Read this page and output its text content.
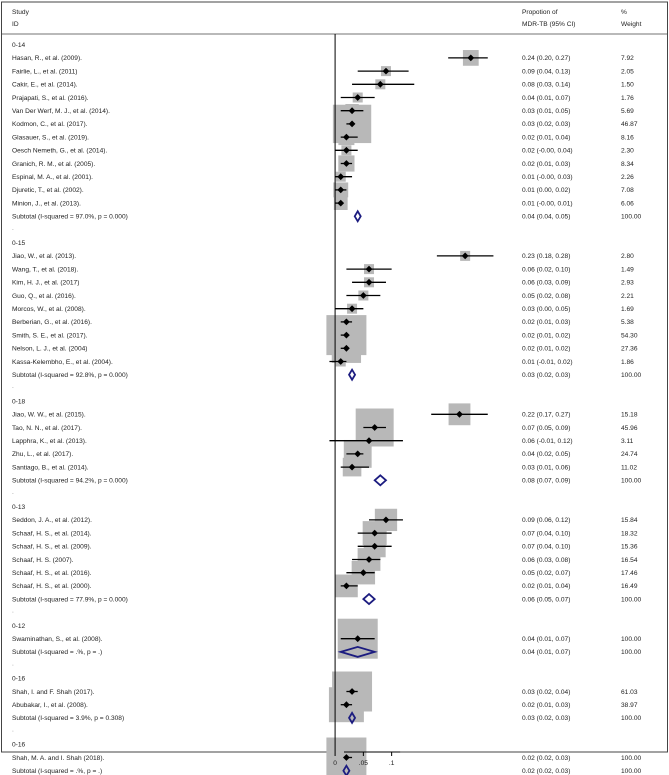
Study
ID
Propotion of
MDR-TB (95% CI)
%
Weight
0-14
Hasan, R., et al. (2009).	0.24 (0.20, 0.27)	7.92
Fairlie, L., et al. (2011)	0.09 (0.04, 0.13)	2.05
Cakir, E., et al. (2014).	0.08 (0.03, 0.14)	1.50
Prajapati, S., et al. (2016).	0.04 (0.01, 0.07)	1.76
Van Der Werf, M. J., et al. (2014).	0.03 (0.01, 0.05)	5.69
Kodmon, C., et al. (2017).	0.03 (0.02, 0.03)	46.87
Glasauer, S., et al. (2019).	0.02 (0.01, 0.04)	8.16
Oesch Nemeth, G., et al. (2014).	0.02 (-0.00, 0.04)	2.30
Granich, R. M., et al. (2005).	0.02 (0.01, 0.03)	8.34
Espinal, M. A., et al. (2001).	0.01 (-0.00, 0.03)	2.26
Djuretic, T., et al. (2002).	0.01 (0.00, 0.02)	7.08
Minion, J., et al. (2013).	0.01 (-0.00, 0.01)	6.06
Subtotal (I-squared = 97.0%, p = 0.000)	0.04 (0.04, 0.05)	100.00
.
0-15
Jiao, W., et al. (2013).	0.23 (0.18, 0.28)	2.80
Wang, T., et al. (2018).	0.06 (0.02, 0.10)	1.49
Kim, H. J., et al. (2017)	0.06 (0.03, 0.09)	2.93
Guo, Q., et al. (2016).	0.05 (0.02, 0.08)	2.21
Morcos, W., et al. (2008).	0.03 (0.00, 0.05)	1.69
Berberian, G., et al. (2016).	0.02 (0.01, 0.03)	5.38
Smith, S. E., et al. (2017).	0.02 (0.01, 0.02)	54.30
Nelson, L. J., et al. (2004)	0.02 (0.01, 0.02)	27.36
Kassa-Kelembho, E., et al. (2004).	0.01 (-0.01, 0.02)	1.86
Subtotal (I-squared = 92.8%, p = 0.000)	0.03 (0.02, 0.03)	100.00
.
0-18
Jiao, W. W., et al. (2015).	0.22 (0.17, 0.27)	15.18
Tao, N. N., et al. (2017).	0.07 (0.05, 0.09)	45.96
Lapphra, K., et al. (2013).	0.06 (-0.01, 0.12)	3.11
Zhu, L., et al. (2017).	0.04 (0.02, 0.05)	24.74
Santiago, B., et al. (2014).	0.03 (0.01, 0.06)	11.02
Subtotal (I-squared = 94.2%, p = 0.000)	0.08 (0.07, 0.09)	100.00
.
0-13
Seddon, J. A., et al. (2012).	0.09 (0.06, 0.12)	15.84
Schaaf, H. S., et al. (2014).	0.07 (0.04, 0.10)	18.32
Schaaf, H. S., et al. (2009).	0.07 (0.04, 0.10)	15.36
Schaaf, H. S. (2007).	0.06 (0.03, 0.08)	16.54
Schaaf, H. S., et al. (2016).	0.05 (0.02, 0.07)	17.46
Schaaf, H. S., et al. (2000).	0.02 (0.01, 0.04)	16.49
Subtotal (I-squared = 77.9%, p = 0.000)	0.06 (0.05, 0.07)	100.00
.
0-12
Swaminathan, S., et al. (2008).	0.04 (0.01, 0.07)	100.00
Subtotal (I-squared = .%, p = .)	0.04 (0.01, 0.07)	100.00
.
0-16
Shah, I. and F. Shah (2017).	0.03 (0.02, 0.04)	61.03
Abubakar, I., et al. (2008).	0.02 (0.01, 0.03)	38.97
Subtotal (I-squared = 3.9%, p = 0.308)	0.03 (0.02, 0.03)	100.00
.
0-16
Shah, M. A. and I. Shah (2018).	0.02 (0.02, 0.03)	100.00
Subtotal (I-squared = .%, p = .)	0.02 (0.02, 0.03)	100.00
0	.05	.1
